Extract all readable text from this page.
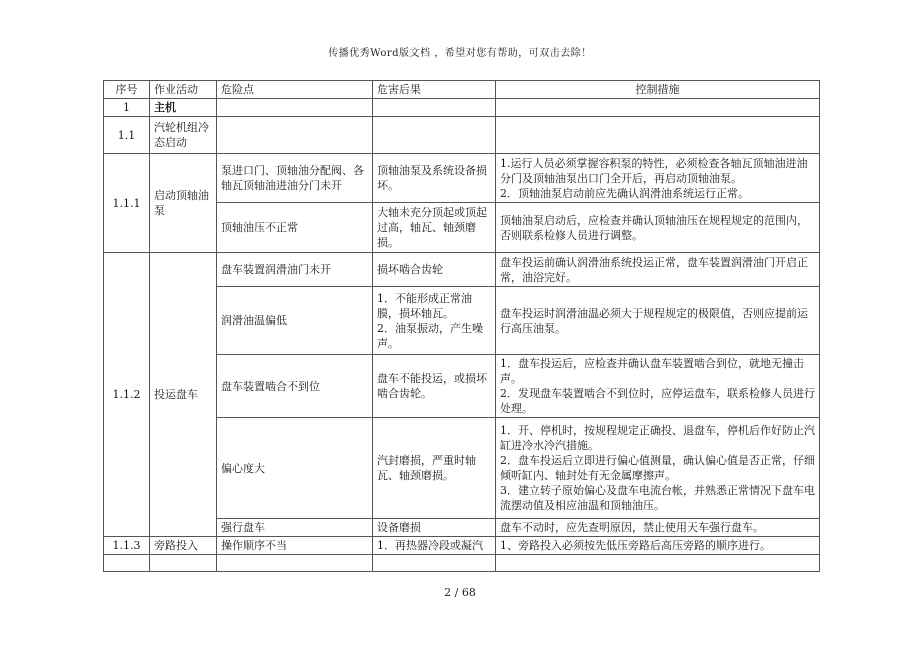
传播优秀Word版文档 ，希望对您有帮助，可双击去除！
序号	作业活动	危险点	危害后果	控制措施
1	主机			
1.1	汽轮机组冷态启动			
1.1.1	启动顶轴油泵	泵进口门、顶轴油分配阀、各轴瓦顶轴油进油分门未开	顶轴油泵及系统设备损坏。	1.运行人员必须掌握容积泵的特性，必须检查各轴瓦顶轴油进油分门及顶轴油泵出口门全开后，再启动顶轴油泵。
2．顶轴油泵启动前应先确认润滑油系统运行正常。

		顶轴油压不正常	大轴未充分顶起或顶起过高，轴瓦、轴颈磨损。	顶轴油泵启动后，应检查并确认顶轴油压在规程规定的范围内，否则联系检修人员进行调整。

1.1.2	投运盘车	盘车装置润滑油门未开	损坏啮合齿轮	盘车投运前确认润滑油系统投运正常，盘车装置润滑油门开启正常，油浴完好。

		润滑油温偏低	1．不能形成正常油膜，损坏轴瓦。
2．油泵振动，产生噪声。	盘车投运时润滑油温必须大于规程规定的极限值，否则应提前运行高压油泵。

		盘车装置啮合不到位	盘车不能投运，或损坏啮合齿轮。	1．盘车投运后，应检查并确认盘车装置啮合到位，就地无撞击声。
2．发现盘车装置啮合不到位时，应停运盘车，联系检修人员进行处理。

		偏心度大	汽封磨损，严重时轴瓦、轴颈磨损。	1．开、停机时，按规程规定正确投、退盘车，停机后作好防止汽缸进冷水冷汽措施。
2．盘车投运后立即进行偏心值测量，确认偏心值是否正常，仔细倾听缸内、轴封处有无金属摩擦声。
3．建立转子原始偏心及盘车电流台帐，并熟悉正常情况下盘车电流摆动值及相应油温和顶轴油压。

		强行盘车	设备磨损	盘车不动时，应先查明原因，禁止使用天车强行盘车。

1.1.3	旁路投入	操作顺序不当	1．再热器冷段或凝汽	1、旁路投入必须按先低压旁路后高压旁路的顺序进行。

2 / 68
